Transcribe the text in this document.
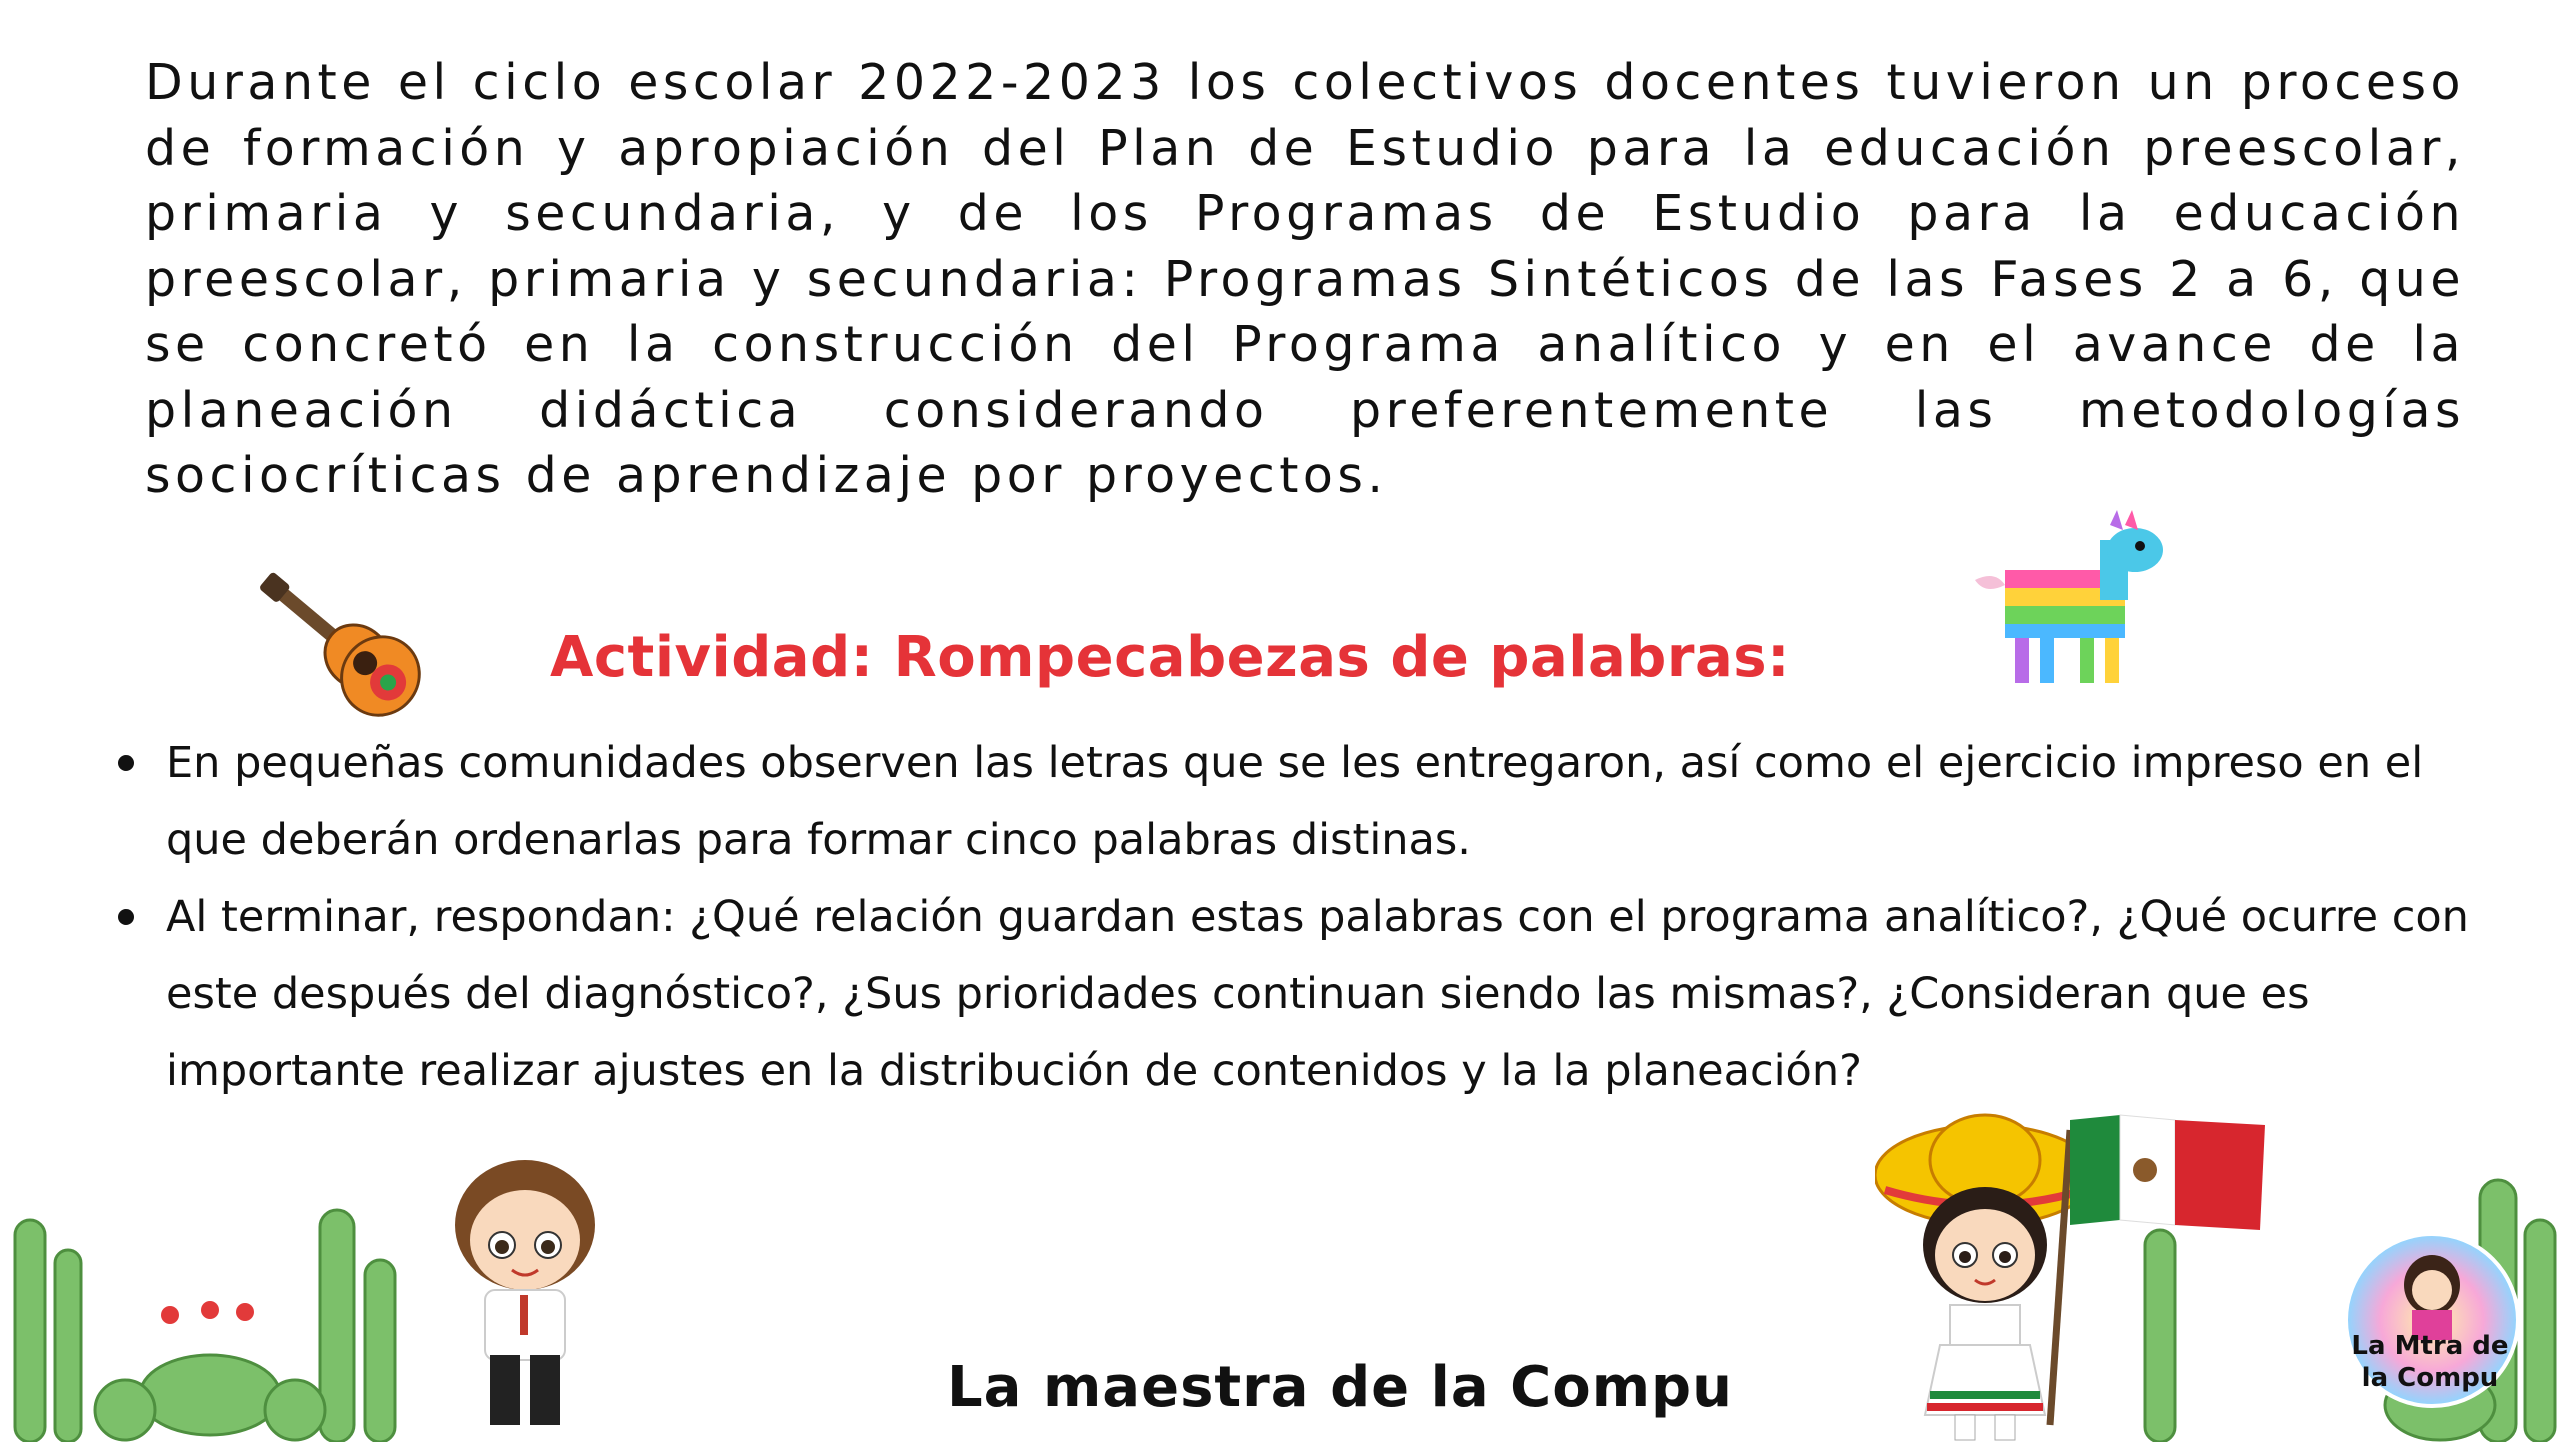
Durante el ciclo escolar 2022-2023 los colectivos docentes tuvieron un proceso de formación y apropiación del Plan de Estudio para la educación preescolar, primaria y secundaria, y de los Programas de Estudio para la educación preescolar, primaria y secundaria: Programas Sintéticos de las Fases 2 a 6, que se concretó en la construcción del Programa analítico y en el avance de la planeación didáctica considerando preferentemente las metodologías sociocríticas de aprendizaje por proyectos.

Actividad: Rompecabezas de palabras:
En pequeñas comunidades observen las letras que se les entregaron, así como el ejercicio impreso en el que deberán ordenarlas para formar cinco palabras distinas.
Al terminar, respondan: ¿Qué relación guardan estas palabras con el programa analítico?, ¿Qué ocurre con este después del diagnóstico?, ¿Sus prioridades continuan siendo las mismas?, ¿Consideran que es importante realizar ajustes en la distribución de contenidos y la la planeación?
La maestra de la Compu
La Mtra de la Compu
